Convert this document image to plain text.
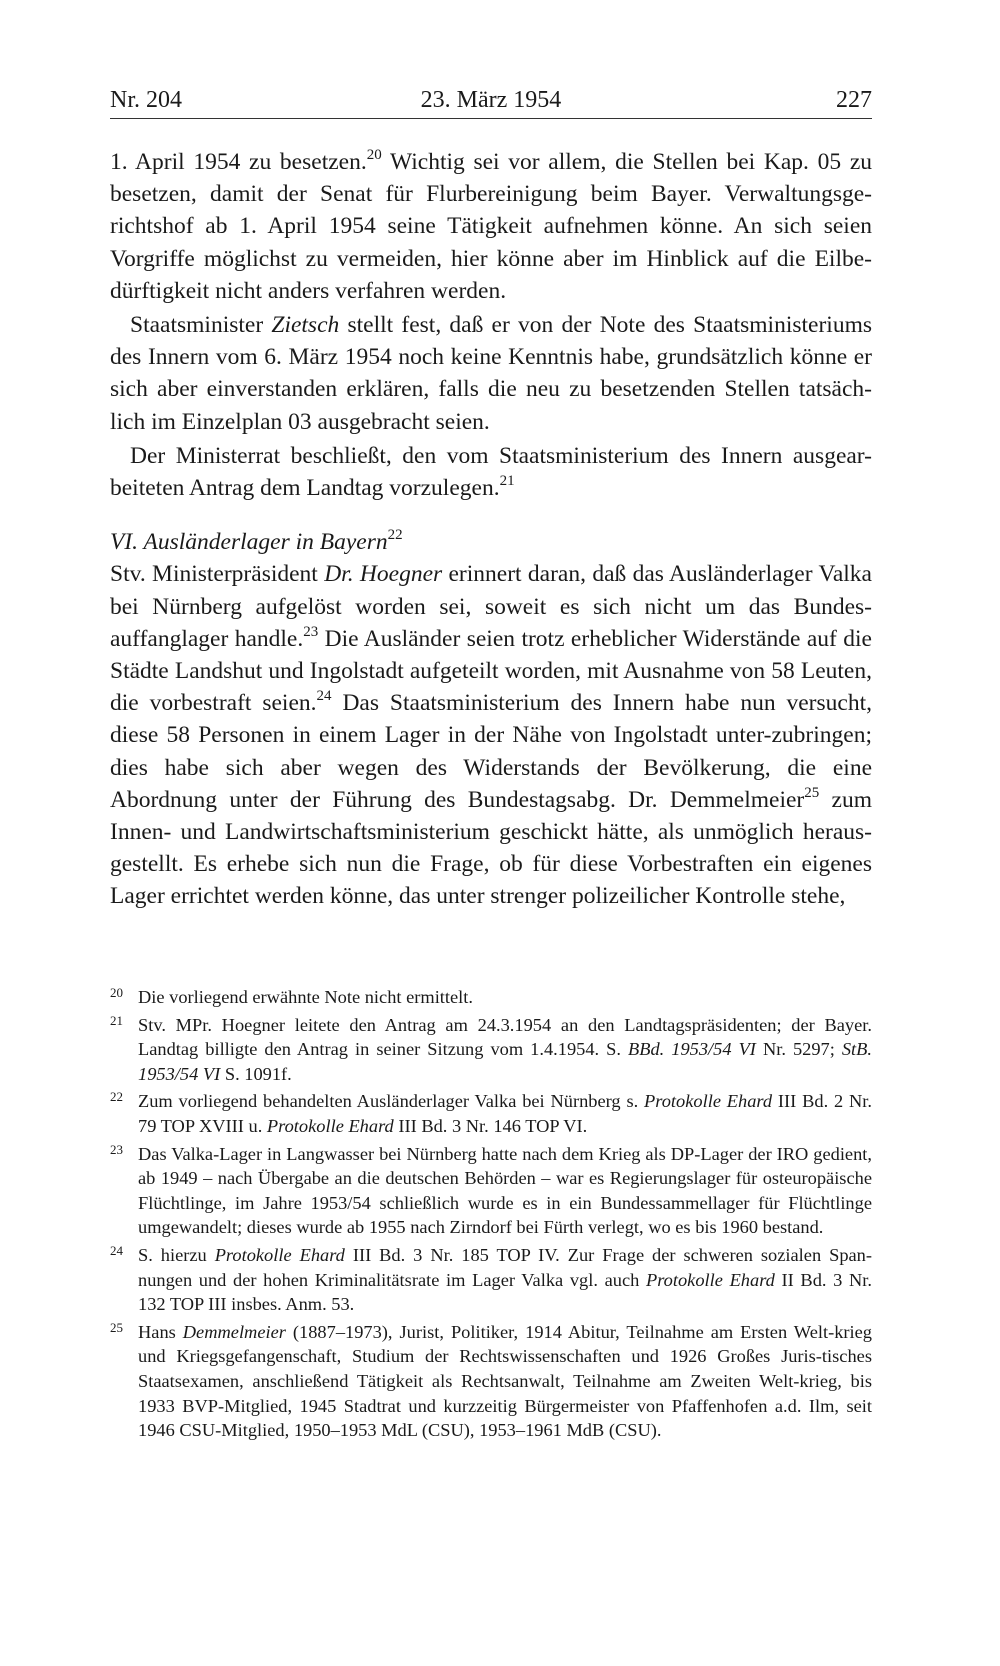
Nr. 204	23. März 1954	227

1. April 1954 zu besetzen.$^{20}$ Wichtig sei vor allem, die Stellen bei Kap. 05 zu besetzen, damit der Senat für Flurbereinigung beim Bayer. Verwaltungsge-richtshof ab 1. April 1954 seine Tätigkeit aufnehmen könne. An sich seien Vorgriffe möglichst zu vermeiden, hier könne aber im Hinblick auf die Eilbe-dürftigkeit nicht anders verfahren werden.

Staatsminister Zietsch stellt fest, daß er von der Note des Staatsministeriums des Innern vom 6. März 1954 noch keine Kenntnis habe, grundsätzlich könne er sich aber einverstanden erklären, falls die neu zu besetzenden Stellen tatsäch-lich im Einzelplan 03 ausgebracht seien.

Der Ministerrat beschließt, den vom Staatsministerium des Innern ausgear-beiteten Antrag dem Landtag vorzulegen.$^{21}$

VI. Ausländerlager in Bayern$^{22}$

Stv. Ministerpräsident Dr. Hoegner erinnert daran, daß das Ausländerlager Valka bei Nürnberg aufgelöst worden sei, soweit es sich nicht um das Bundes-auffanglager handle.$^{23}$ Die Ausländer seien trotz erheblicher Widerstände auf die Städte Landshut und Ingolstadt aufgeteilt worden, mit Ausnahme von 58 Leuten, die vorbestraft seien.$^{24}$ Das Staatsministerium des Innern habe nun versucht, diese 58 Personen in einem Lager in der Nähe von Ingolstadt unter-zubringen; dies habe sich aber wegen des Widerstands der Bevölkerung, die eine Abordnung unter der Führung des Bundestagsabg. Dr. Demmelmeier$^{25}$ zum Innen- und Landwirtschaftsministerium geschickt hätte, als unmöglich heraus-gestellt. Es erhebe sich nun die Frage, ob für diese Vorbestraften ein eigenes Lager errichtet werden könne, das unter strenger polizeilicher Kontrolle stehe,

20 Die vorliegend erwähnte Note nicht ermittelt.
21 Stv. MPr. Hoegner leitete den Antrag am 24.3.1954 an den Landtagspräsidenten; der Bayer. Landtag billigte den Antrag in seiner Sitzung vom 1.4.1954. S. BBd. 1953/54 VI Nr. 5297; StB. 1953/54 VI S. 1091f.
22 Zum vorliegend behandelten Ausländerlager Valka bei Nürnberg s. Protokolle Ehard III Bd. 2 Nr. 79 TOP XVIII u. Protokolle Ehard III Bd. 3 Nr. 146 TOP VI.
23 Das Valka-Lager in Langwasser bei Nürnberg hatte nach dem Krieg als DP-Lager der IRO gedient, ab 1949 – nach Übergabe an die deutschen Behörden – war es Regierungslager für osteuropäische Flüchtlinge, im Jahre 1953/54 schließlich wurde es in ein Bundessammellager für Flüchtlinge umgewandelt; dieses wurde ab 1955 nach Zirndorf bei Fürth verlegt, wo es bis 1960 bestand.
24 S. hierzu Protokolle Ehard III Bd. 3 Nr. 185 TOP IV. Zur Frage der schweren sozialen Span-nungen und der hohen Kriminalitätsrate im Lager Valka vgl. auch Protokolle Ehard II Bd. 3 Nr. 132 TOP III insbes. Anm. 53.
25 Hans Demmelmeier (1887–1973), Jurist, Politiker, 1914 Abitur, Teilnahme am Ersten Welt-krieg und Kriegsgefangenschaft, Studium der Rechtswissenschaften und 1926 Großes Juris-tisches Staatsexamen, anschließend Tätigkeit als Rechtsanwalt, Teilnahme am Zweiten Welt-krieg, bis 1933 BVP-Mitglied, 1945 Stadtrat und kurzzeitig Bürgermeister von Pfaffenhofen a.d. Ilm, seit 1946 CSU-Mitglied, 1950–1953 MdL (CSU), 1953–1961 MdB (CSU).
